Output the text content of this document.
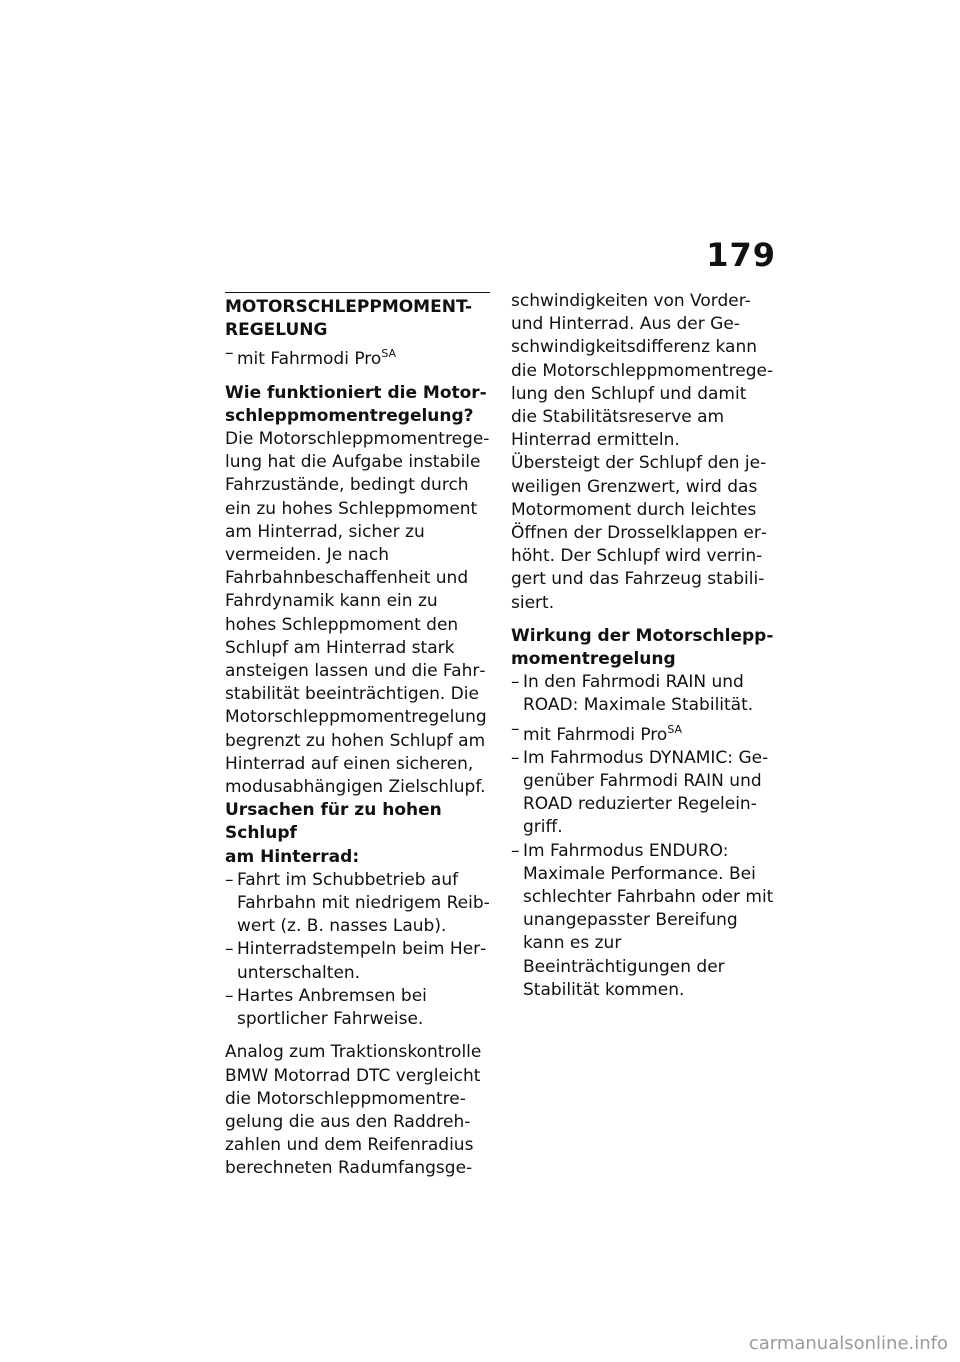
179

MOTORSCHLEPPMOMENT-

REGELUNG

– mit Fahrmodi Pro$^{SA}$

Wie funktioniert die Motor-

schleppmomentregelung?

Die Motorschleppmomentregelung hat die Aufgabe instabile Fahrzustände, bedingt durch ein zu hohes Schleppmoment am Hinterrad, sicher zu vermeiden. Je nach Fahrbahnbeschaffenheit und Fahrdynamik kann ein zu hohes Schleppmoment den Schlupf am Hinterrad stark ansteigen lassen und die Fahrstabilität beeinträchtigen. Die Motorschleppmomentregelung begrenzt zu hohen Schlupf am Hinterrad auf einen sicheren, modusabhängigen Zielschlupf.

Ursachen für zu hohen Schlupf

am Hinterrad:

– Fahrt im Schubbetrieb auf Fahrbahn mit niedrigem Reibwert (z. B. nasses Laub).
– Hinterradstempeln beim Herunterschalten.
– Hartes Anbremsen bei sportlicher Fahrweise.

Analog zum Traktionskontrolle BMW Motorrad DTC vergleicht die Motorschleppmomentregelung die aus den Raddrehzahlen und dem Reifenradius berechneten Radumfangsge-

schwindigkeiten von Vorder- und Hinterrad. Aus der Geschwindigkeitsdifferenz kann die Motorschleppmomentregelung den Schlupf und damit die Stabilitätsreserve am Hinterrad ermitteln.

Übersteigt der Schlupf den jeweiligen Grenzwert, wird das Motormoment durch leichtes Öffnen der Drosselklappen erhöht. Der Schlupf wird verringert und das Fahrzeug stabilisiert.

Wirkung der Motorschlepp-

momentregelung

– In den Fahrmodi RAIN und ROAD: Maximale Stabilität.
– mit Fahrmodi Pro$^{SA}$
– Im Fahrmodus DYNAMIC: Gegenüber Fahrmodi RAIN und ROAD reduzierter Regeleingriff.
– Im Fahrmodus ENDURO: Maximale Performance. Bei schlechter Fahrbahn oder mit unangepasster Bereifung kann es zur Beeinträchtigungen der Stabilität kommen.
carmanualsonline.info
